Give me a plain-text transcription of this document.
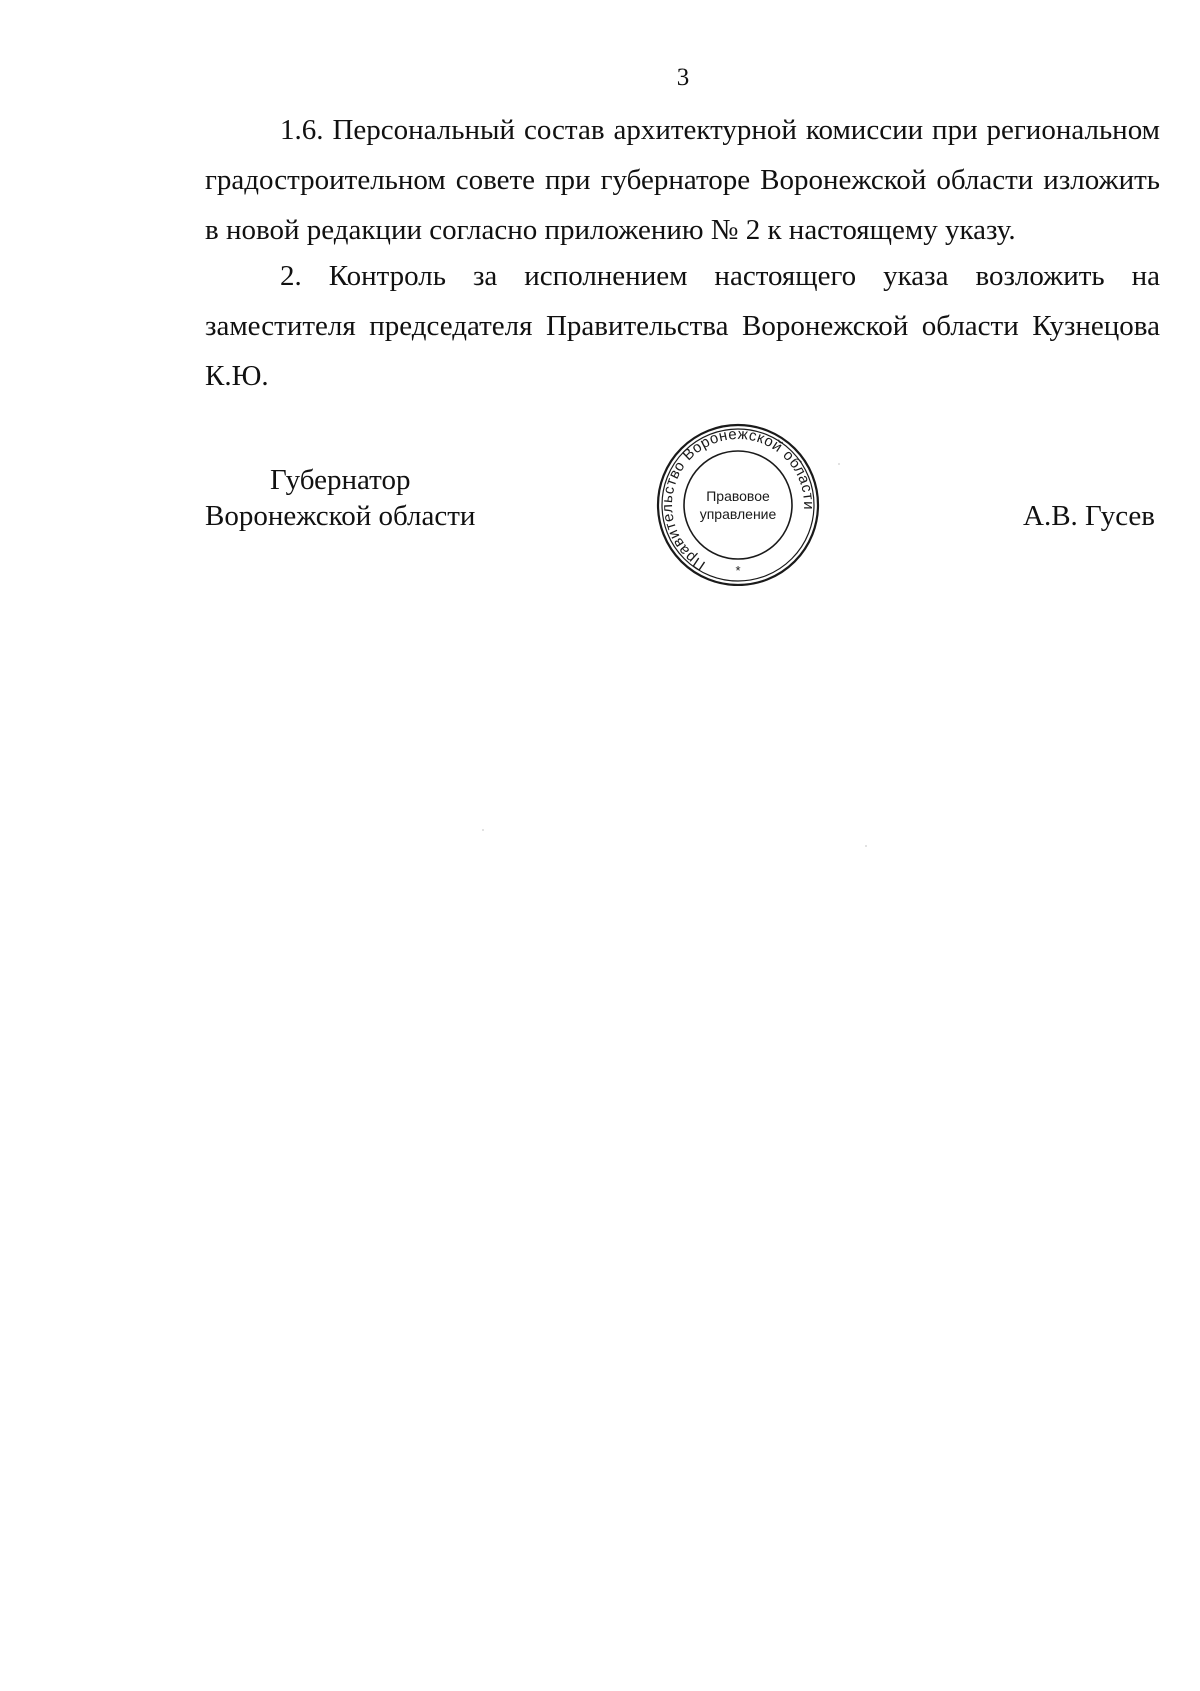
3

1.6. Персональный состав архитектурной комиссии при региональном градостроительном совете при губернаторе Воронежской области изложить в новой редакции согласно приложению № 2 к настоящему указу.

2. Контроль за исполнением настоящего указа возложить на заместителя председателя Правительства Воронежской области Кузнецова К.Ю.

Губернатор
Воронежской области	А.В. Гусев
Правительство Воронежской области
Правовое
управление
*
